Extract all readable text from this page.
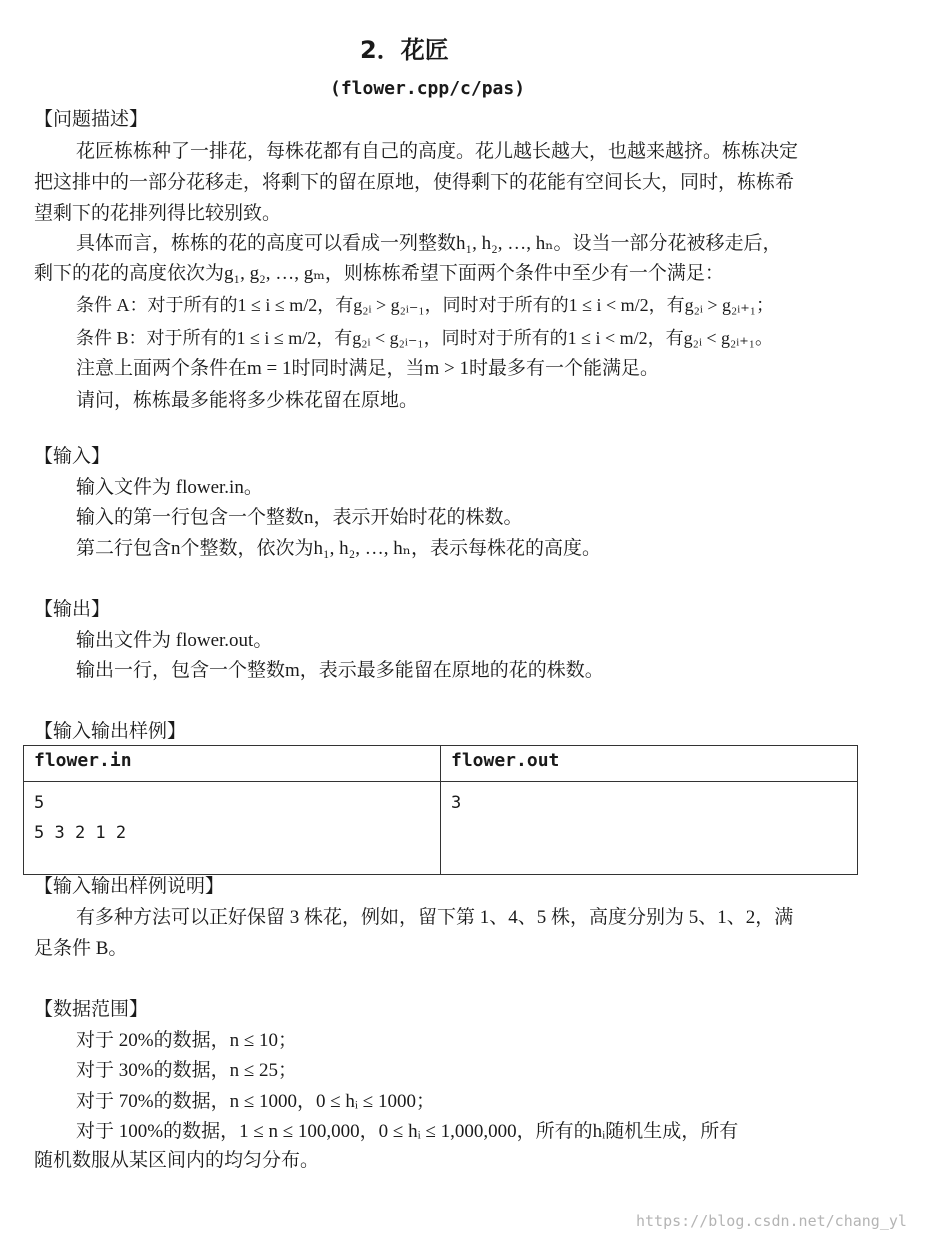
2．花匠
(flower.cpp/c/pas)
【问题描述】
花匠栋栋种了一排花，每株花都有自己的高度。花儿越长越大，也越来越挤。栋栋决定
把这排中的一部分花移走，将剩下的留在原地，使得剩下的花能有空间长大，同时，栋栋希
望剩下的花排列得比较别致。
具体而言，栋栋的花的高度可以看成一列整数h₁, h₂, …, hₙ。设当一部分花被移走后，
剩下的花的高度依次为g₁, g₂, …, gₘ，则栋栋希望下面两个条件中至少有一个满足：
条件 A：对于所有的1 ≤ i ≤ m/2，有g₂ᵢ > g₂ᵢ₋₁，同时对于所有的1 ≤ i < m/2，有g₂ᵢ > g₂ᵢ₊₁；
条件 B：对于所有的1 ≤ i ≤ m/2，有g₂ᵢ < g₂ᵢ₋₁，同时对于所有的1 ≤ i < m/2，有g₂ᵢ < g₂ᵢ₊₁。
注意上面两个条件在m = 1时同时满足，当m > 1时最多有一个能满足。
请问，栋栋最多能将多少株花留在原地。
【输入】
输入文件为 flower.in。
输入的第一行包含一个整数n，表示开始时花的株数。
第二行包含n个整数，依次为h₁, h₂, …, hₙ，表示每株花的高度。
【输出】
输出文件为 flower.out。
输出一行，包含一个整数m，表示最多能留在原地的花的株数。
【输入输出样例】
flower.in	flower.out

5
5 3 2 1 2	3
【输入输出样例说明】
有多种方法可以正好保留 3 株花，例如，留下第 1、4、5 株，高度分别为 5、1、2，满
足条件 B。
【数据范围】
对于 20%的数据，n ≤ 10；
对于 30%的数据，n ≤ 25；
对于 70%的数据，n ≤ 1000，0 ≤ hᵢ ≤ 1000；
对于 100%的数据，1 ≤ n ≤ 100,000，0 ≤ hᵢ ≤ 1,000,000，所有的hᵢ随机生成，所有
随机数服从某区间内的均匀分布。
https://blog.csdn.net/chang_yl
